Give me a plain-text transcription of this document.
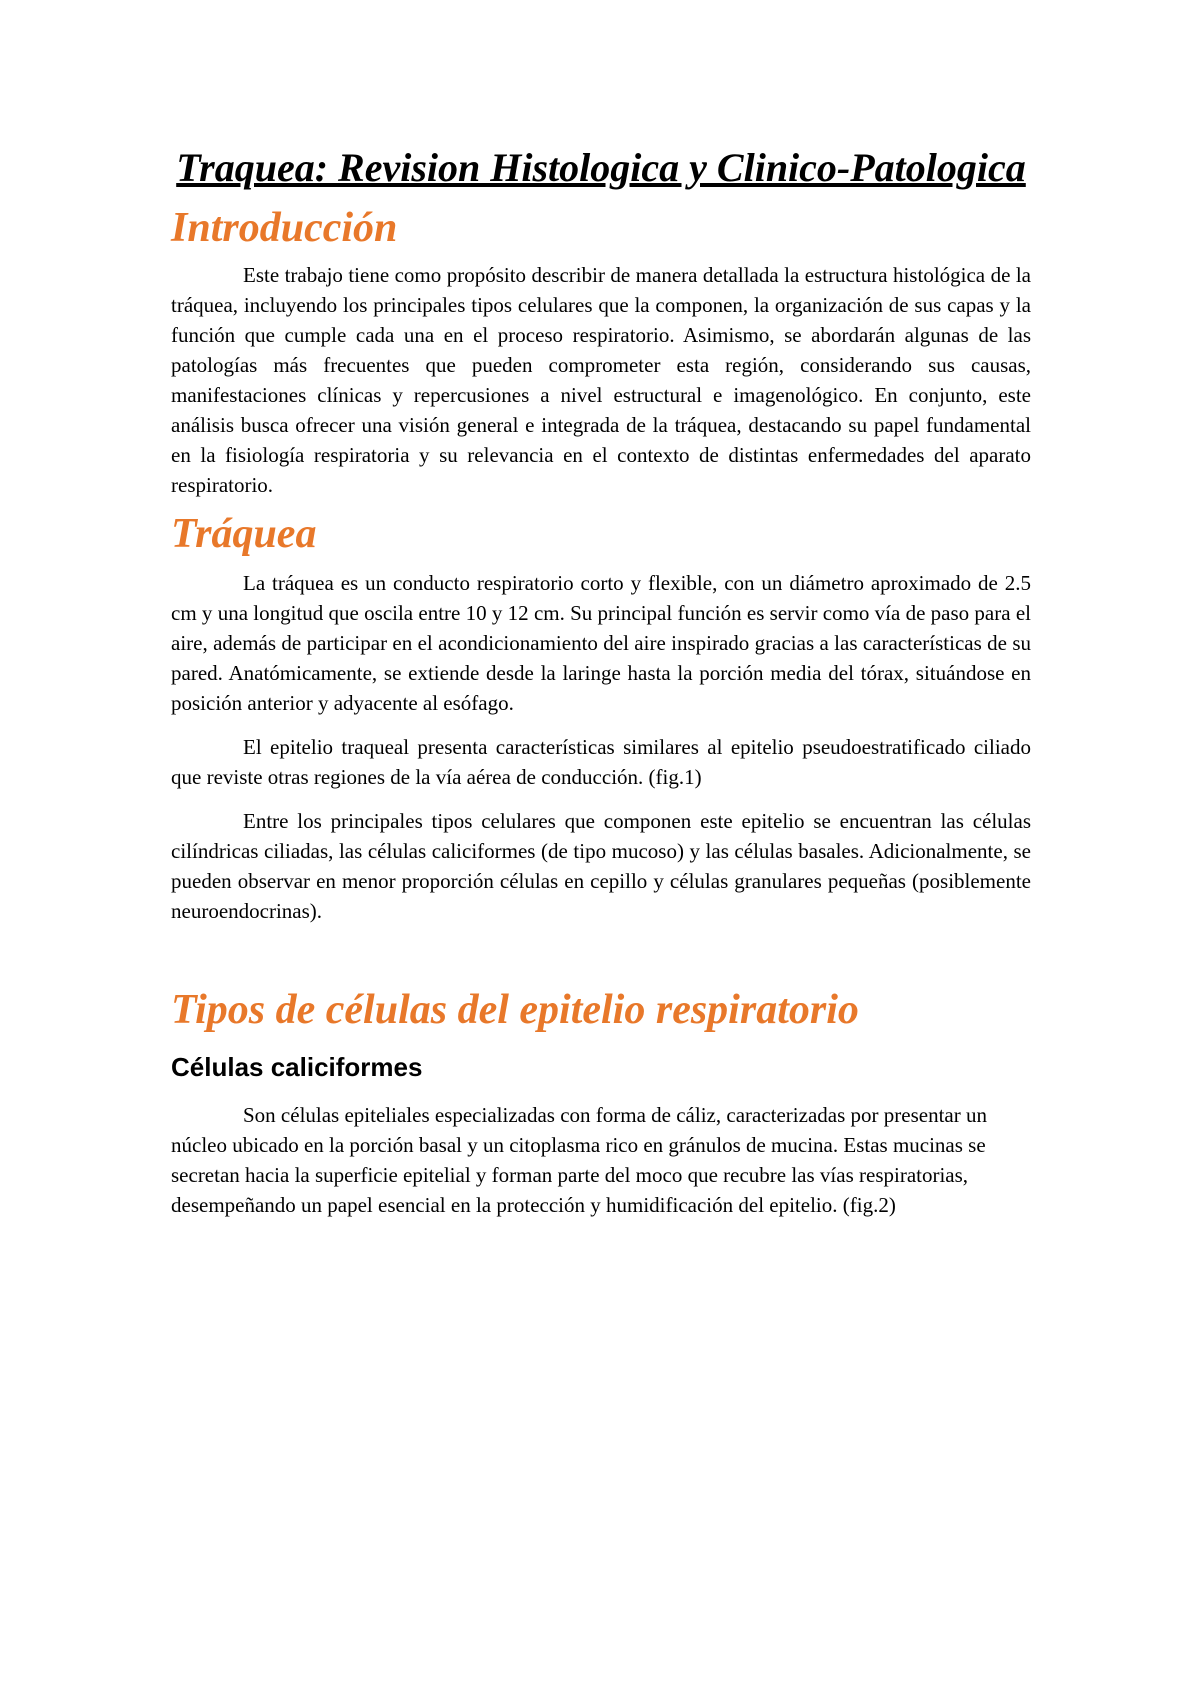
Traquea: Revision Histologica y Clinico-Patologica
Introducción

Este trabajo tiene como propósito describir de manera detallada la estructura histológica de la tráquea, incluyendo los principales tipos celulares que la componen, la organización de sus capas y la función que cumple cada una en el proceso respiratorio. Asimismo, se abordarán algunas de las patologías más frecuentes que pueden comprometer esta región, considerando sus causas, manifestaciones clínicas y repercusiones a nivel estructural e imagenológico. En conjunto, este análisis busca ofrecer una visión general e integrada de la tráquea, destacando su papel fundamental en la fisiología respiratoria y su relevancia en el contexto de distintas enfermedades del aparato respiratorio.

Tráquea

La tráquea es un conducto respiratorio corto y flexible, con un diámetro aproximado de 2.5 cm y una longitud que oscila entre 10 y 12 cm. Su principal función es servir como vía de paso para el aire, además de participar en el acondicionamiento del aire inspirado gracias a las características de su pared. Anatómicamente, se extiende desde la laringe hasta la porción media del tórax, situándose en posición anterior y adyacente al esófago.

El epitelio traqueal presenta características similares al epitelio pseudoestratificado ciliado que reviste otras regiones de la vía aérea de conducción. (fig.1)

Entre los principales tipos celulares que componen este epitelio se encuentran las células cilíndricas ciliadas, las células caliciformes (de tipo mucoso) y las células basales. Adicionalmente, se pueden observar en menor proporción células en cepillo y células granulares pequeñas (posiblemente neuroendocrinas).

Tipos de células del epitelio respiratorio
Células caliciformes

Son células epiteliales especializadas con forma de cáliz, caracterizadas por presentar un núcleo ubicado en la porción basal y un citoplasma rico en gránulos de mucina. Estas mucinas se secretan hacia la superficie epitelial y forman parte del moco que recubre las vías respiratorias, desempeñando un papel esencial en la protección y humidificación del epitelio. (fig.2)
